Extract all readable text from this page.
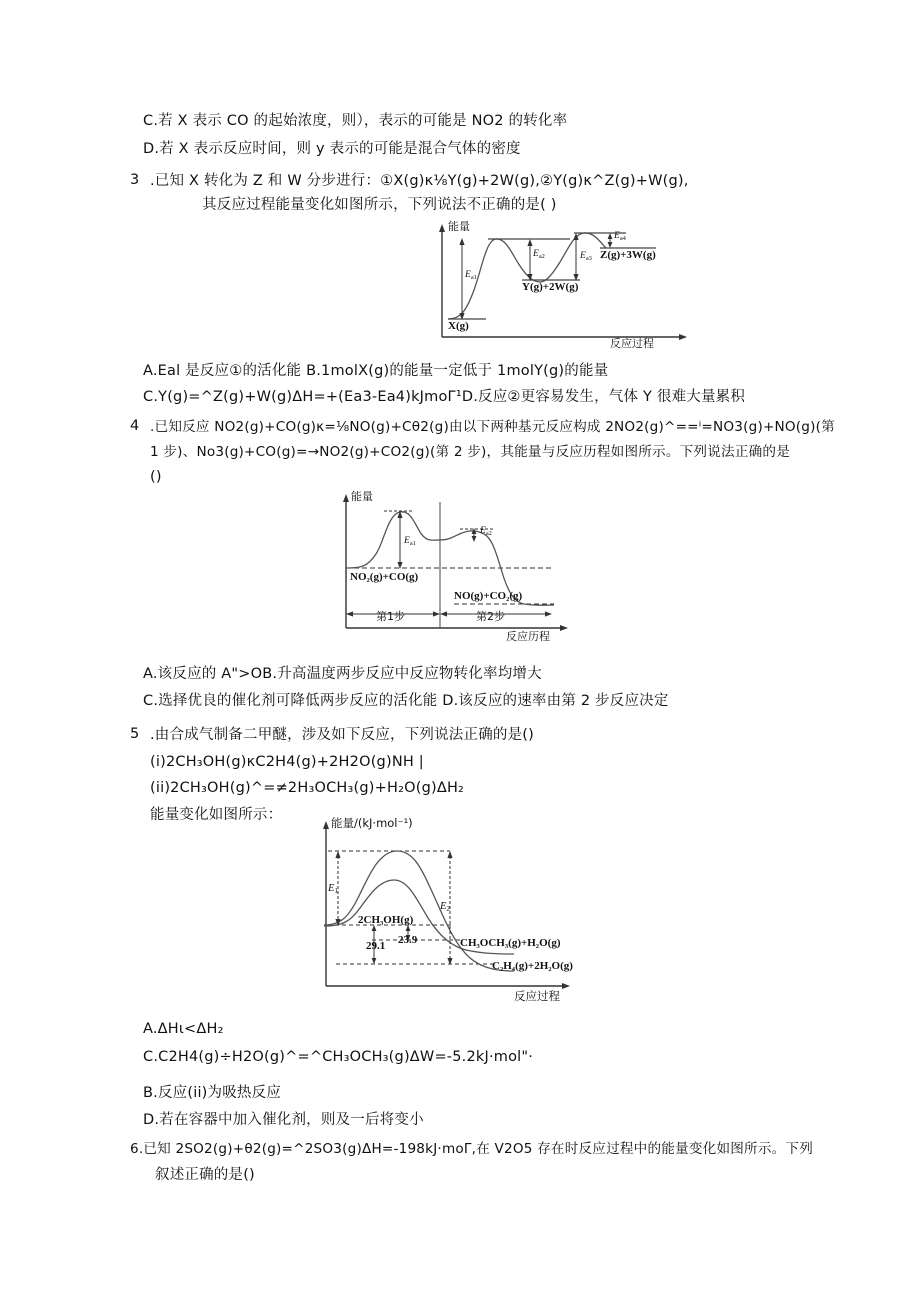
C.若 X 表示 CO 的起始浓度，则），表示的可能是 NO2 的转化率
D.若 X 表示反应时间，则 y 表示的可能是混合气体的密度
3 .已知 X 转化为 Z 和 W 分步进行：①X(g)κ⅛Y(g)+2W(g),②Y(g)κ^Z(g)+W(g),
其反应过程能量变化如图所示，下列说法不正确的是( )
能量
反应过程
$E_{a1}$
$E_{a2}$	$E_{a3}$
$E_{a4}$
X(g)
Y(g)+2W(g)
Z(g)+3W(g)
A.Eal 是反应①的活化能 B.1molX(g)的能量一定低于 1molY(g)的能量
C.Y(g)=^Z(g)+W(g)ΔH=+(Ea3-Ea4)kJmoΓ¹D.反应②更容易发生，气体 Y 很难大量累积
4 .已知反应 NO2(g)+CO(g)κ=⅛NO(g)+Cθ2(g)由以下两种基元反应构成 2NO2(g)^==ⁱ=NO3(g)+NO(g)(第
1 步)、No3(g)+CO(g)=→NO2(g)+CO2(g)(第 2 步)，其能量与反应历程如图所示。下列说法正确的是
()
能量
反应历程
$E_{a1}$
$E_{a2}$
NO₂(g)+CO(g)
NO(g)+CO₂(g)
第1步	第2步
A.该反应的 A">OB.升高温度两步反应中反应物转化率均增大
C.选择优良的催化剂可降低两步反应的活化能 D.该反应的速率由第 2 步反应决定
5 .由合成气制备二甲醚，涉及如下反应，下列说法正确的是()
(i)2CH₃OH(g)κC2H4(g)+2H2O(g)NH |
(ii)2CH₃OH(g)^=≠2H₃OCH₃(g)+H₂O(g)ΔH₂
能量变化如图所示：	能量/(kJ·mol⁻¹)
反应过程
$E_1$
$E_2$
2CH₃OH(g)
29.1 23.9	CH₃OCH₃(g)+H₂O(g)
C₂H₄(g)+2H₂O(g)
A.ΔHι<ΔH₂
C.C2H4(g)÷H2O(g)^=^CH₃OCH₃(g)ΔW=-5.2kJ·mol"·
B.反应(ii)为吸热反应
D.若在容器中加入催化剂，则及一后将变小
6.已知 2SO2(g)+θ2(g)=^2SO3(g)ΔH=-198kJ·moΓ,在 V2O5 存在时反应过程中的能量变化如图所示。下列
叙述正确的是()
